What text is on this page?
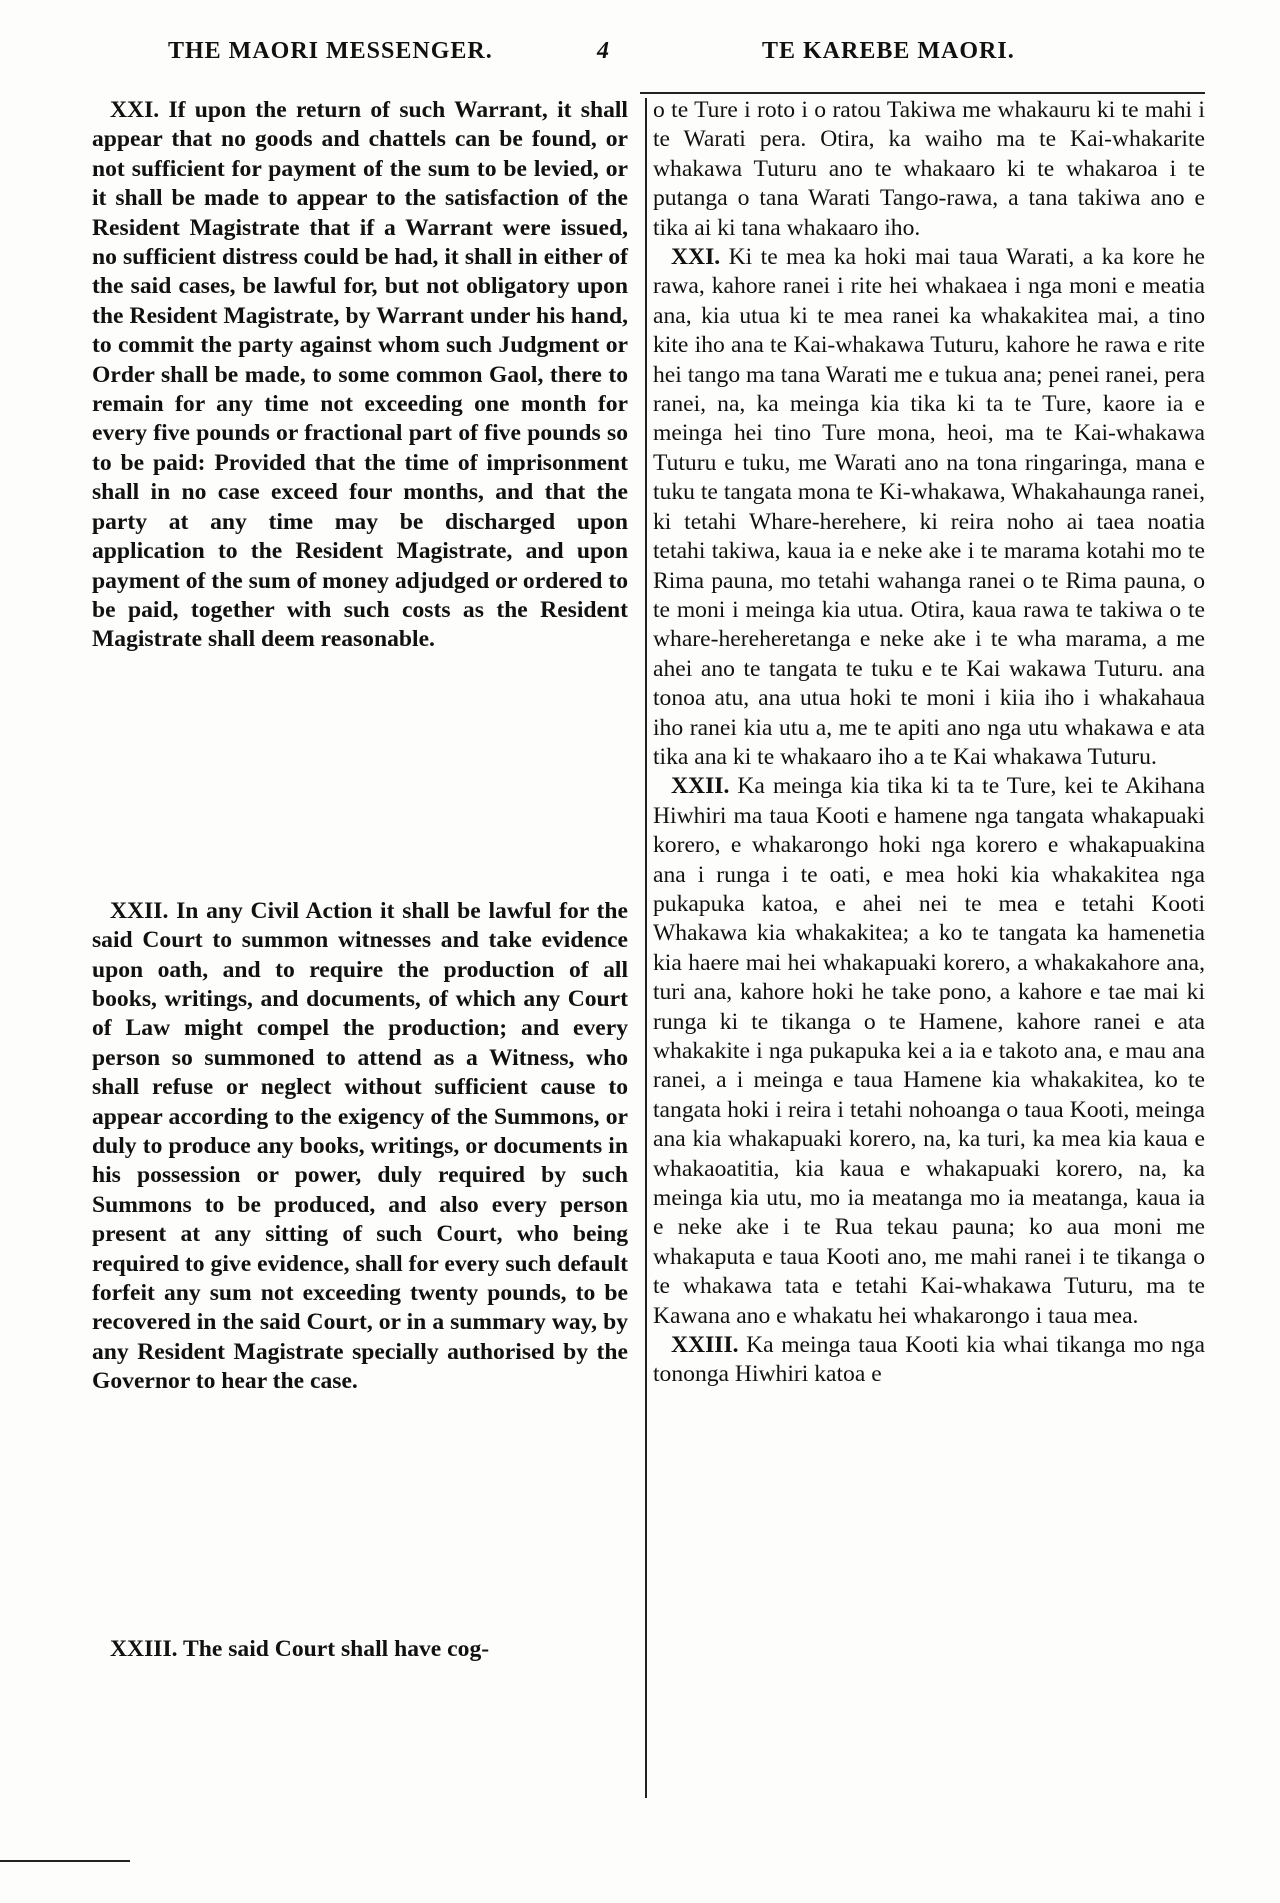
THE MAORI MESSENGER.	4	TE KAREBE MAORI.

XXI. If upon the return of such Warrant, it shall appear that no goods and chattels can be found, or not sufficient for payment of the sum to be levied, or it shall be made to appear to the satisfaction of the Resident Magistrate that if a Warrant were issued, no sufficient distress could be had, it shall in either of the said cases, be lawful for, but not obligatory upon the Resident Magistrate, by Warrant under his hand, to commit the party against whom such Judgment or Order shall be made, to some common Gaol, there to remain for any time not exceeding one month for every five pounds or fractional part of five pounds so to be paid: Provided that the time of imprisonment shall in no case exceed four months, and that the party at any time may be discharged upon application to the Resident Magistrate, and upon payment of the sum of money adjudged or ordered to be paid, together with such costs as the Resident Magistrate shall deem reasonable.

XXII. In any Civil Action it shall be lawful for the said Court to summon witnesses and take evidence upon oath, and to require the production of all books, writings, and documents, of which any Court of Law might compel the production; and every person so summoned to attend as a Witness, who shall refuse or neglect without sufficient cause to appear according to the exigency of the Summons, or duly to produce any books, writings, or documents in his possession or power, duly required by such Summons to be produced, and also every person present at any sitting of such Court, who being required to give evidence, shall for every such default forfeit any sum not exceeding twenty pounds, to be recovered in the said Court, or in a summary way, by any Resident Magistrate specially authorised by the Governor to hear the case.

XXIII. The said Court shall have cog-

o te Ture i roto i o ratou Takiwa me whakauru ki te mahi i te Warati pera. Otira, ka waiho ma te Kai-whakarite whakawa Tuturu ano te whakaaro ki te whakaroa i te putanga o tana Warati Tango-rawa, a tana takiwa ano e tika ai ki tana whakaaro iho.

XXI. Ki te mea ka hoki mai taua Warati, a ka kore he rawa, kahore ranei i rite hei whakaea i nga moni e meatia ana, kia utua ki te mea ranei ka whakakitea mai, a tino kite iho ana te Kai-whakawa Tuturu, kahore he rawa e rite hei tango ma tana Warati me e tukua ana; penei ranei, pera ranei, na, ka meinga kia tika ki ta te Ture, kaore ia e meinga hei tino Ture mona, heoi, ma te Kai-whakawa Tuturu e tuku, me Warati ano na tona ringaringa, mana e tuku te tangata mona te Ki-whakawa, Whakahaunga ranei, ki tetahi Whare-herehere, ki reira noho ai taea noatia tetahi takiwa, kaua ia e neke ake i te marama kotahi mo te Rima pauna, mo tetahi wahanga ranei o te Rima pauna, o te moni i meinga kia utua. Otira, kaua rawa te takiwa o te whare-hereheretanga e neke ake i te wha marama, a me ahei ano te tangata te tuku e te Kai wakawa Tuturu. ana tonoa atu, ana utua hoki te moni i kiia iho i whakahaua iho ranei kia utu a, me te apiti ano nga utu whakawa e ata tika ana ki te whakaaro iho a te Kai whakawa Tuturu.

XXII. Ka meinga kia tika ki ta te Ture, kei te Akihana Hiwhiri ma taua Kooti e hamene nga tangata whakapuaki korero, e whakarongo hoki nga korero e whakapuakina ana i runga i te oati, e mea hoki kia whakakitea nga pukapuka katoa, e ahei nei te mea e tetahi Kooti Whakawa kia whakakitea; a ko te tangata ka hamenetia kia haere mai hei whakapuaki korero, a whakakahore ana, turi ana, kahore hoki he take pono, a kahore e tae mai ki runga ki te tikanga o te Hamene, kahore ranei e ata whakakite i nga pukapuka kei a ia e takoto ana, e mau ana ranei, a i meinga e taua Hamene kia whakakitea, ko te tangata hoki i reira i tetahi nohoanga o taua Kooti, meinga ana kia whakapuaki korero, na, ka turi, ka mea kia kaua e whakaoatitia, kia kaua e whakapuaki korero, na, ka meinga kia utu, mo ia meatanga mo ia meatanga, kaua ia e neke ake i te Rua tekau pauna; ko aua moni me whakaputa e taua Kooti ano, me mahi ranei i te tikanga o te whakawa tata e tetahi Kai-whakawa Tuturu, ma te Kawana ano e whakatu hei whakarongo i taua mea.

XXIII. Ka meinga taua Kooti kia whai tikanga mo nga tononga Hiwhiri katoa e
